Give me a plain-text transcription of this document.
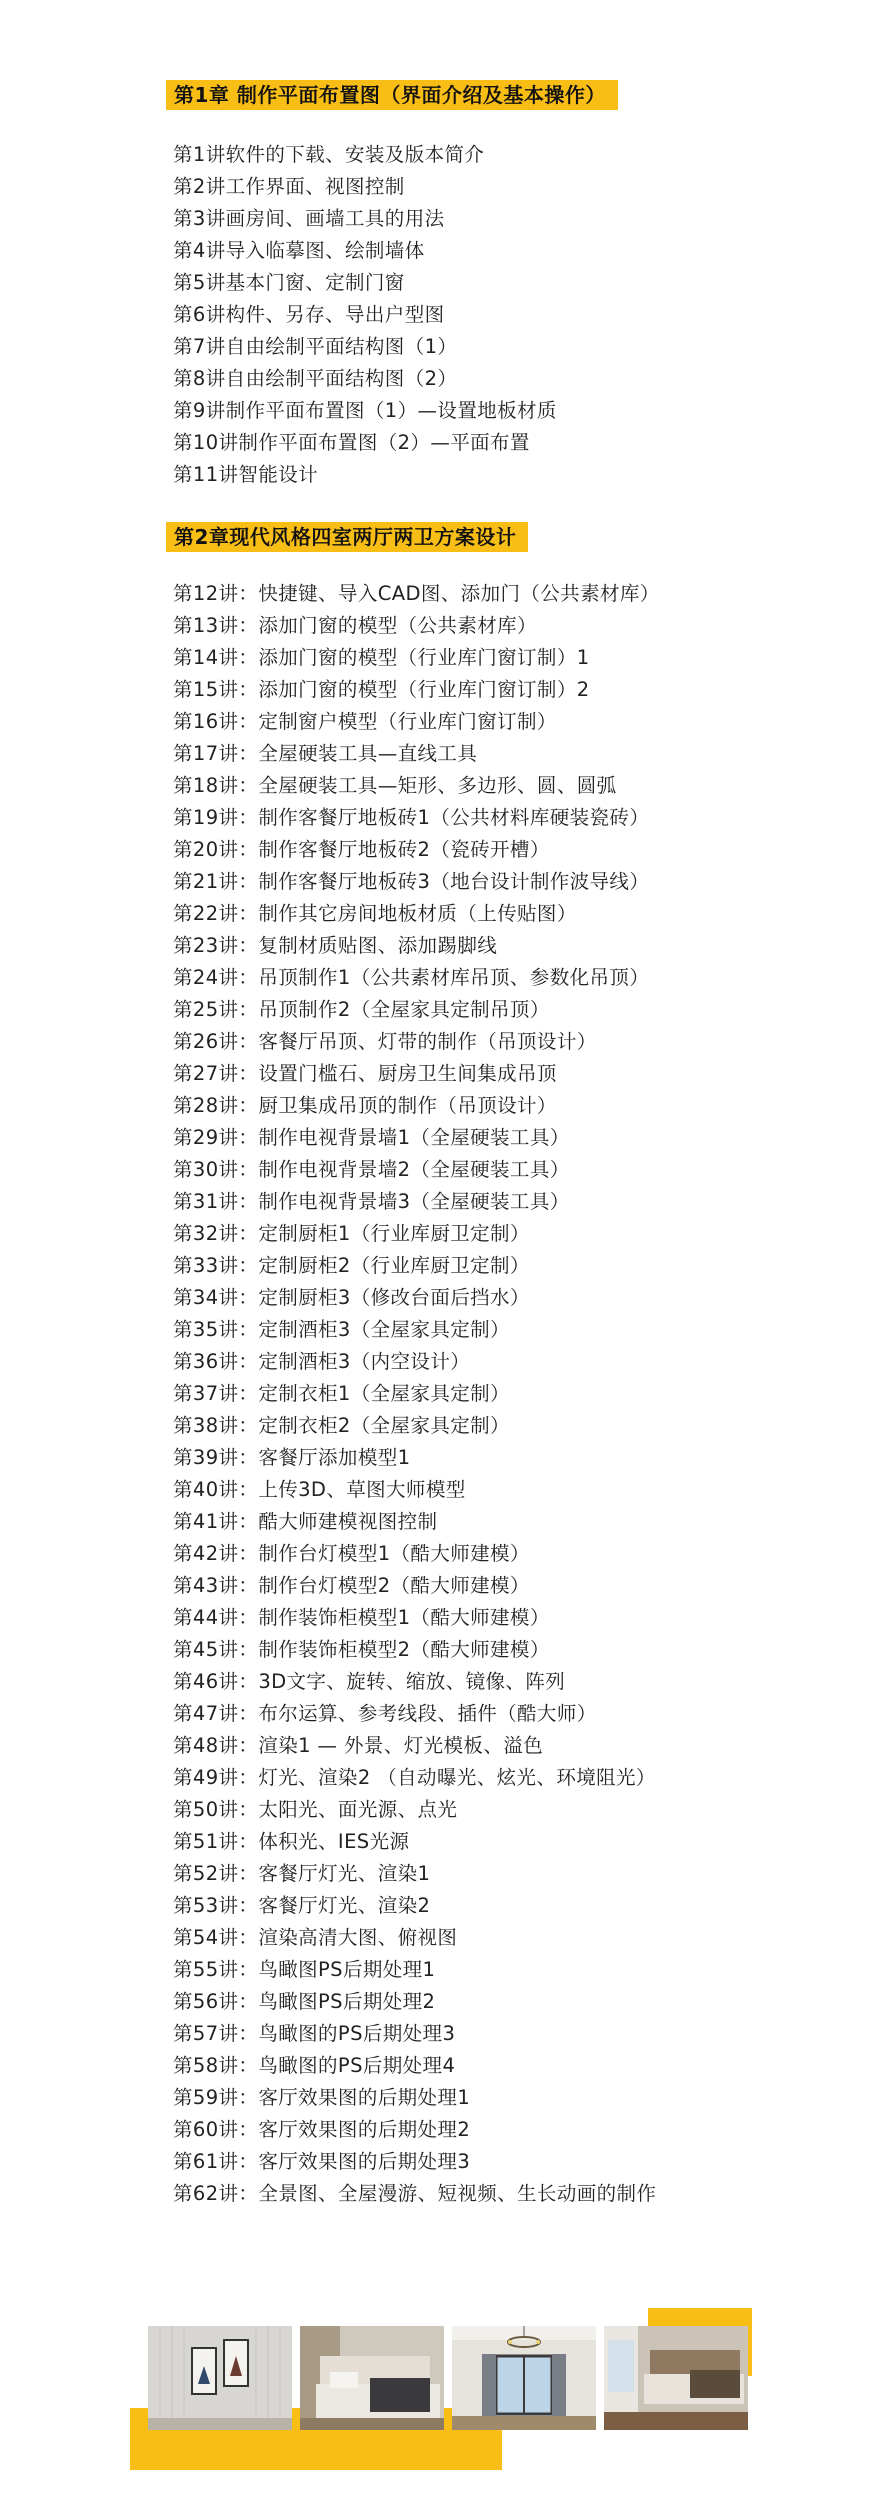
第1章 制作平面布置图（界面介绍及基本操作）
第1讲软件的下载、安装及版本简介
第2讲工作界面、视图控制
第3讲画房间、画墙工具的用法
第4讲导入临摹图、绘制墙体
第5讲基本门窗、定制门窗
第6讲构件、另存、导出户型图
第7讲自由绘制平面结构图（1）
第8讲自由绘制平面结构图（2）
第9讲制作平面布置图（1）—设置地板材质
第10讲制作平面布置图（2）—平面布置
第11讲智能设计
第2章现代风格四室两厅两卫方案设计
第12讲：快捷键、导入CAD图、添加门（公共素材库）
第13讲：添加门窗的模型（公共素材库）
第14讲：添加门窗的模型（行业库门窗订制）1
第15讲：添加门窗的模型（行业库门窗订制）2
第16讲：定制窗户模型（行业库门窗订制）
第17讲：全屋硬装工具—直线工具
第18讲：全屋硬装工具—矩形、多边形、圆、圆弧
第19讲：制作客餐厅地板砖1（公共材料库硬装瓷砖）
第20讲：制作客餐厅地板砖2（瓷砖开槽）
第21讲：制作客餐厅地板砖3（地台设计制作波导线）
第22讲：制作其它房间地板材质（上传贴图）
第23讲：复制材质贴图、添加踢脚线
第24讲：吊顶制作1（公共素材库吊顶、参数化吊顶）
第25讲：吊顶制作2（全屋家具定制吊顶）
第26讲：客餐厅吊顶、灯带的制作（吊顶设计）
第27讲：设置门槛石、厨房卫生间集成吊顶
第28讲：厨卫集成吊顶的制作（吊顶设计）
第29讲：制作电视背景墙1（全屋硬装工具）
第30讲：制作电视背景墙2（全屋硬装工具）
第31讲：制作电视背景墙3（全屋硬装工具）
第32讲：定制厨柜1（行业库厨卫定制）
第33讲：定制厨柜2（行业库厨卫定制）
第34讲：定制厨柜3（修改台面后挡水）
第35讲：定制酒柜3（全屋家具定制）
第36讲：定制酒柜3（内空设计）
第37讲：定制衣柜1（全屋家具定制）
第38讲：定制衣柜2（全屋家具定制）
第39讲：客餐厅添加模型1
第40讲：上传3D、草图大师模型
第41讲：酷大师建模视图控制
第42讲：制作台灯模型1（酷大师建模）
第43讲：制作台灯模型2（酷大师建模）
第44讲：制作装饰柜模型1（酷大师建模）
第45讲：制作装饰柜模型2（酷大师建模）
第46讲：3D文字、旋转、缩放、镜像、阵列
第47讲：布尔运算、参考线段、插件（酷大师）
第48讲：渲染1 — 外景、灯光模板、溢色
第49讲：灯光、渲染2 （自动曝光、炫光、环境阻光）
第50讲：太阳光、面光源、点光
第51讲：体积光、IES光源
第52讲：客餐厅灯光、渲染1
第53讲：客餐厅灯光、渲染2
第54讲：渲染高清大图、俯视图
第55讲：鸟瞰图PS后期处理1
第56讲：鸟瞰图PS后期处理2
第57讲：鸟瞰图的PS后期处理3
第58讲：鸟瞰图的PS后期处理4
第59讲：客厅效果图的后期处理1
第60讲：客厅效果图的后期处理2
第61讲：客厅效果图的后期处理3
第62讲：全景图、全屋漫游、短视频、生长动画的制作
